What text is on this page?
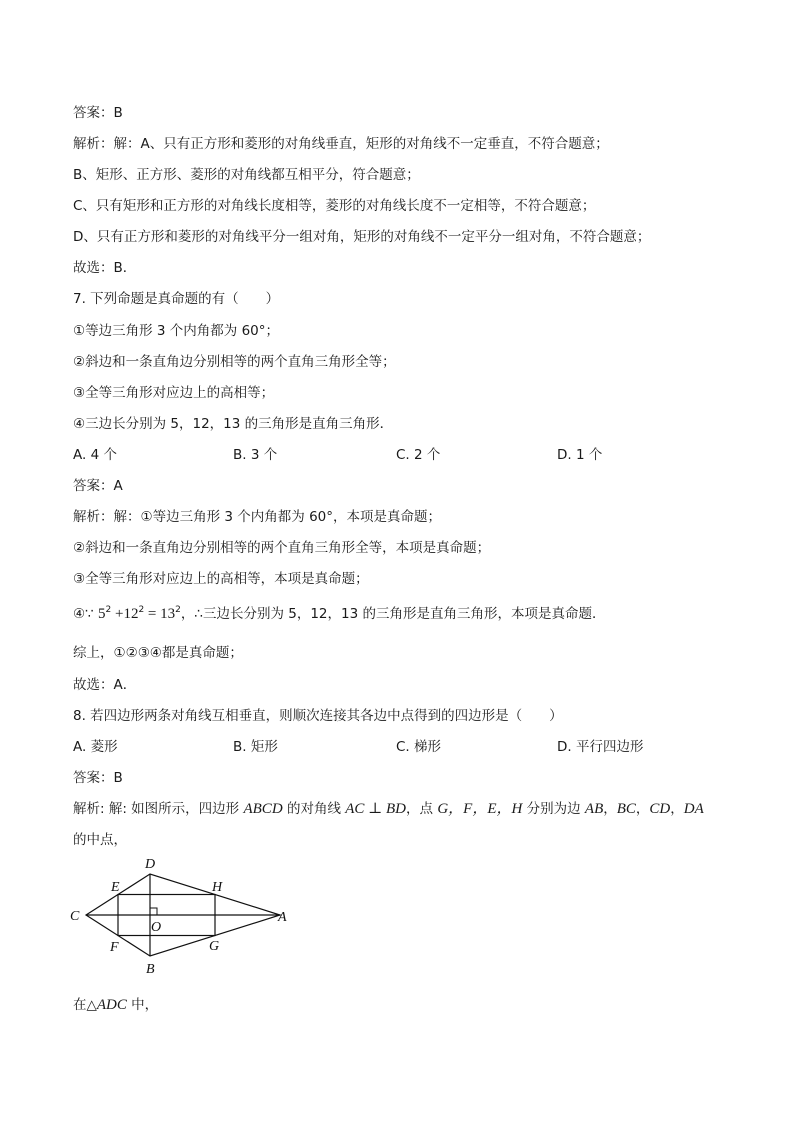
答案：B
解析：解：A、只有正方形和菱形的对角线垂直，矩形的对角线不一定垂直，不符合题意；
B、矩形、正方形、菱形的对角线都互相平分，符合题意；
C、只有矩形和正方形的对角线长度相等，菱形的对角线长度不一定相等，不符合题意；
D、只有正方形和菱形的对角线平分一组对角，矩形的对角线不一定平分一组对角，不符合题意；
故选：B．
7. 下列命题是真命题的有（　　）
①等边三角形 3 个内角都为 60°；
②斜边和一条直角边分别相等的两个直角三角形全等；
③全等三角形对应边上的高相等；
④三边长分别为 5，12，13 的三角形是直角三角形．
A. 4 个	B. 3 个	C. 2 个	D. 1 个
答案：A
解析：解：①等边三角形 3 个内角都为 60°，本项是真命题；
②斜边和一条直角边分别相等的两个直角三角形全等，本项是真命题；
③全等三角形对应边上的高相等，本项是真命题；
④∵ $5^2 +12^2 = 13^2$，∴三边长分别为 5，12，13 的三角形是直角三角形，本项是真命题．
综上，①②③④都是真命题；
故选：A．
8. 若四边形两条对角线互相垂直，则顺次连接其各边中点得到的四边形是（　　）
A. 菱形	B. 矩形	C. 梯形	D. 平行四边形
答案：B
解析: 解: 如图所示，四边形 ABCD 的对角线 AC ⊥ BD，点 G，F，E，H 分别为边 AB，BC，CD，DA
的中点，
C
D
E	H
A
O
F	G
B
在△ADC 中，
